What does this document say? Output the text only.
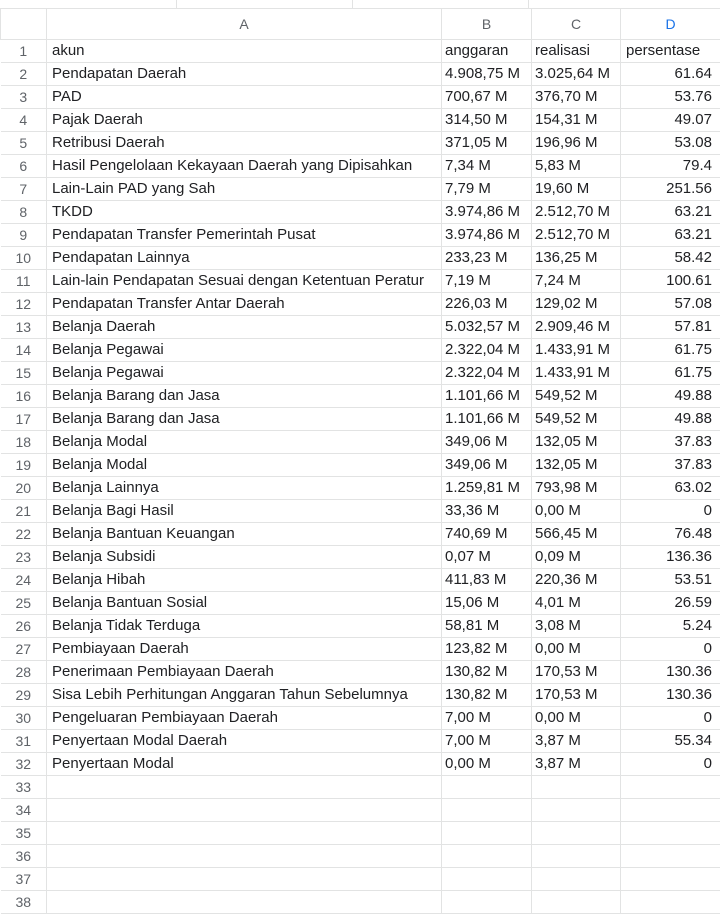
	A	B	C	D
1	akun	anggaran	realisasi	persentase
2	Pendapatan Daerah	4.908,75 M	3.025,64 M	61.64
3	PAD	700,67 M	376,70 M	53.76
4	Pajak Daerah	314,50 M	154,31 M	49.07
5	Retribusi Daerah	371,05 M	196,96 M	53.08
6	Hasil Pengelolaan Kekayaan Daerah yang Dipisahkan	7,34 M	5,83 M	79.4
7	Lain-Lain PAD yang Sah	7,79 M	19,60 M	251.56
8	TKDD	3.974,86 M	2.512,70 M	63.21
9	Pendapatan Transfer Pemerintah Pusat	3.974,86 M	2.512,70 M	63.21
10	Pendapatan Lainnya	233,23 M	136,25 M	58.42
11	Lain-lain Pendapatan Sesuai dengan Ketentuan Peratur	7,19 M	7,24 M	100.61
12	Pendapatan Transfer Antar Daerah	226,03 M	129,02 M	57.08
13	Belanja Daerah	5.032,57 M	2.909,46 M	57.81
14	Belanja Pegawai	2.322,04 M	1.433,91 M	61.75
15	Belanja Pegawai	2.322,04 M	1.433,91 M	61.75
16	Belanja Barang dan Jasa	1.101,66 M	549,52 M	49.88
17	Belanja Barang dan Jasa	1.101,66 M	549,52 M	49.88
18	Belanja Modal	349,06 M	132,05 M	37.83
19	Belanja Modal	349,06 M	132,05 M	37.83
20	Belanja Lainnya	1.259,81 M	793,98 M	63.02
21	Belanja Bagi Hasil	33,36 M	0,00 M	0
22	Belanja Bantuan Keuangan	740,69 M	566,45 M	76.48
23	Belanja Subsidi	0,07 M	0,09 M	136.36
24	Belanja Hibah	411,83 M	220,36 M	53.51
25	Belanja Bantuan Sosial	15,06 M	4,01 M	26.59
26	Belanja Tidak Terduga	58,81 M	3,08 M	5.24
27	Pembiayaan Daerah	123,82 M	0,00 M	0
28	Penerimaan Pembiayaan Daerah	130,82 M	170,53 M	130.36
29	Sisa Lebih Perhitungan Anggaran Tahun Sebelumnya	130,82 M	170,53 M	130.36
30	Pengeluaran Pembiayaan Daerah	7,00 M	0,00 M	0
31	Penyertaan Modal Daerah	7,00 M	3,87 M	55.34
32	Penyertaan Modal	0,00 M	3,87 M	0
33				
34				
35				
36				
37				
38				
